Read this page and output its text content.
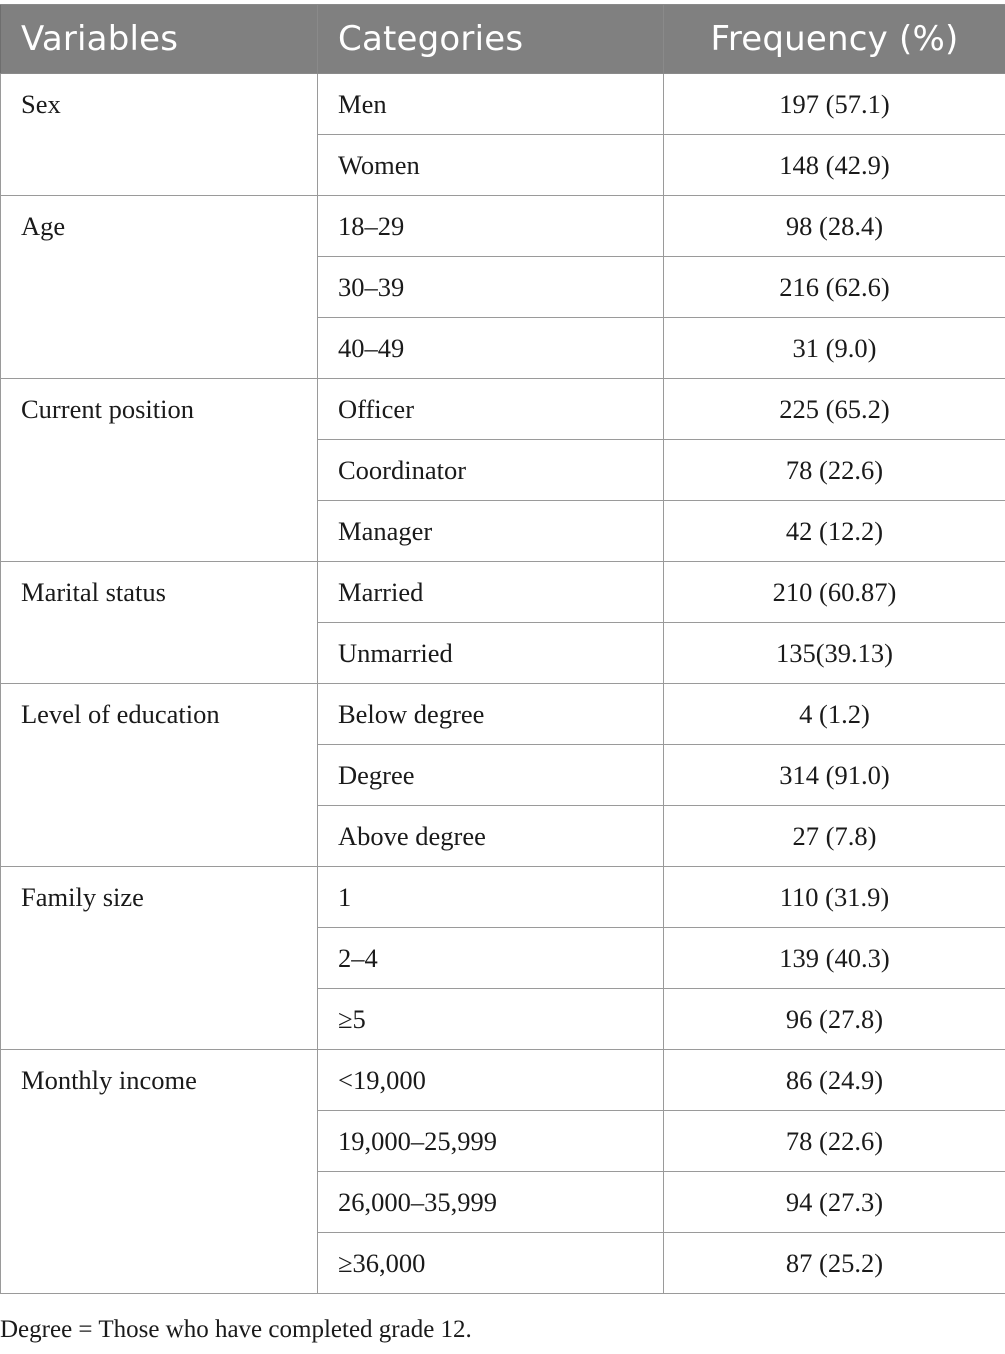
Variables	Categories	Frequency (%)
Sex	Men	197 (57.1)
	Women	148 (42.9)
Age	18–29	98 (28.4)
	30–39	216 (62.6)
	40–49	31 (9.0)
Current position	Officer	225 (65.2)
	Coordinator	78 (22.6)
	Manager	42 (12.2)
Marital status	Married	210 (60.87)
	Unmarried	135(39.13)
Level of education	Below degree	4 (1.2)
	Degree	314 (91.0)
	Above degree	27 (7.8)
Family size	1	110 (31.9)
	2–4	139 (40.3)
	≥5	96 (27.8)
Monthly income	<19,000	86 (24.9)
	19,000–25,999	78 (22.6)
	26,000–35,999	94 (27.3)
	≥36,000	87 (25.2)
Degree = Those who have completed grade 12.
